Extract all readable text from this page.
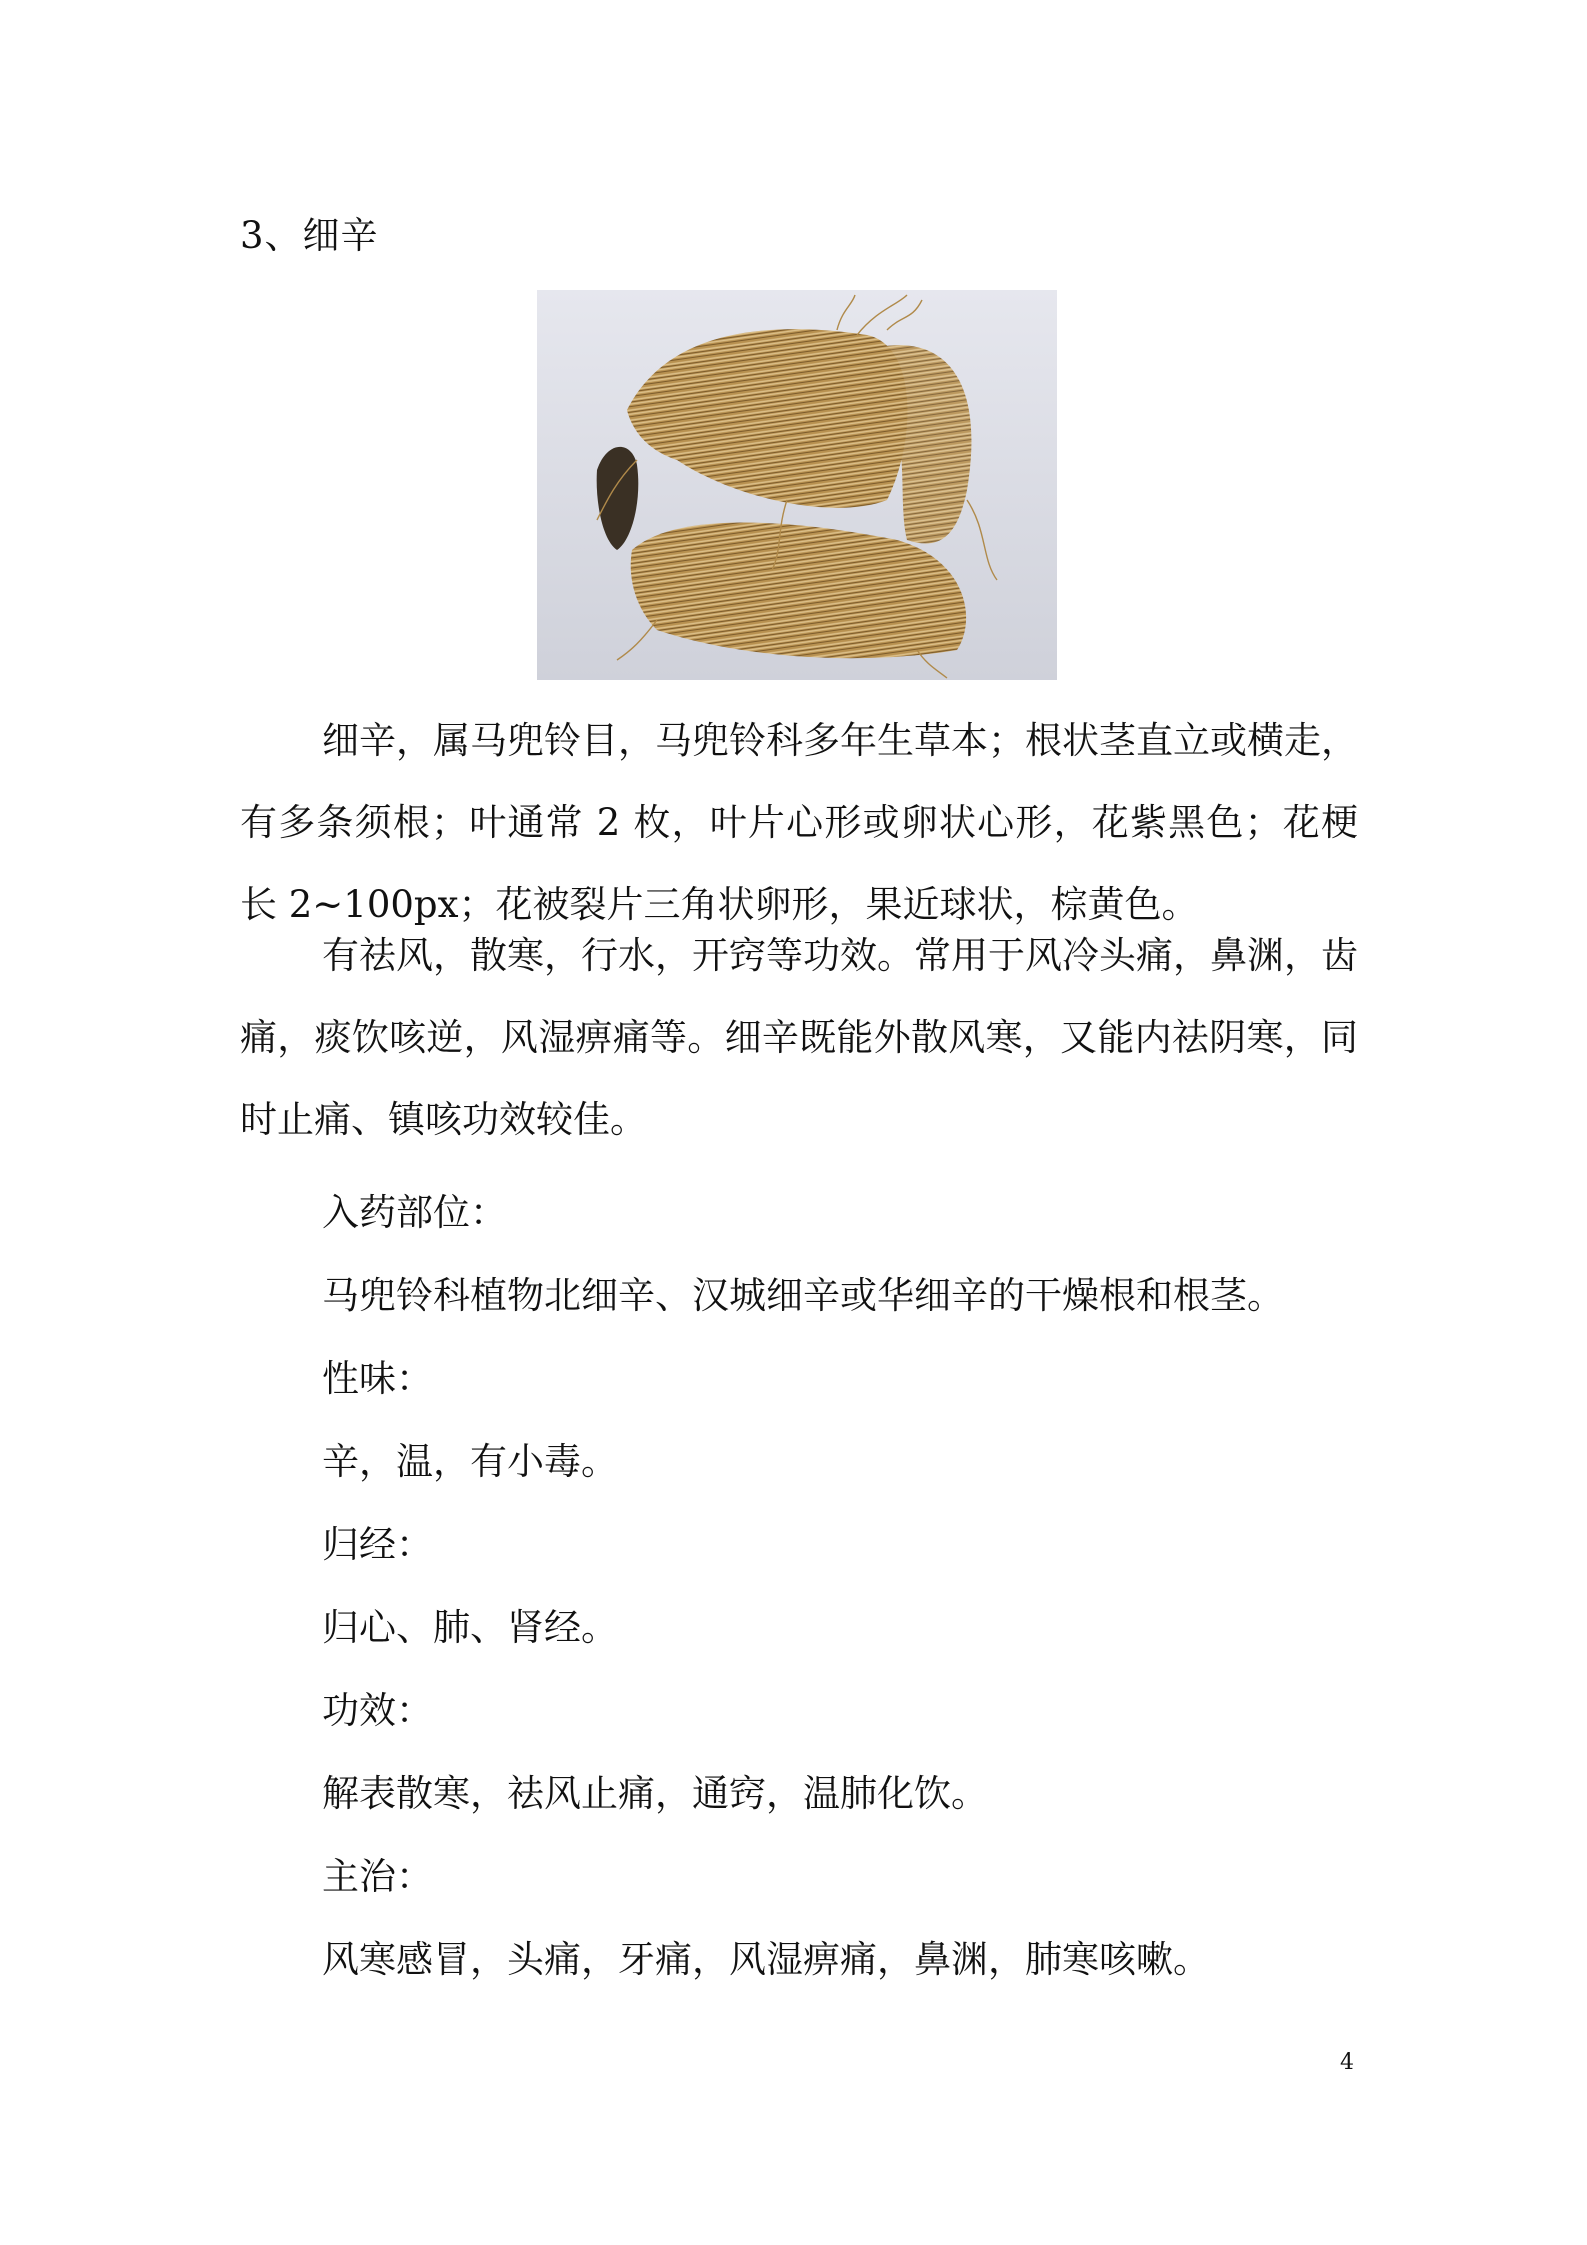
3、细辛

细辛，属马兜铃目，马兜铃科多年生草本；根状茎直立或横走，有多条须根；叶通常 2 枚，叶片心形或卵状心形，花紫黑色；花梗长 2~100px；花被裂片三角状卵形，果近球状，棕黄色。

有祛风，散寒，行水，开窍等功效。常用于风冷头痛，鼻渊，齿痛，痰饮咳逆，风湿痹痛等。细辛既能外散风寒，又能内祛阴寒，同时止痛、镇咳功效较佳。

入药部位：
马兜铃科植物北细辛、汉城细辛或华细辛的干燥根和根茎。
性味：
辛，温，有小毒。
归经：
归心、肺、肾经。
功效：
解表散寒，祛风止痛，通窍，温肺化饮。
主治：
风寒感冒，头痛，牙痛，风湿痹痛，鼻渊，肺寒咳嗽。
4
